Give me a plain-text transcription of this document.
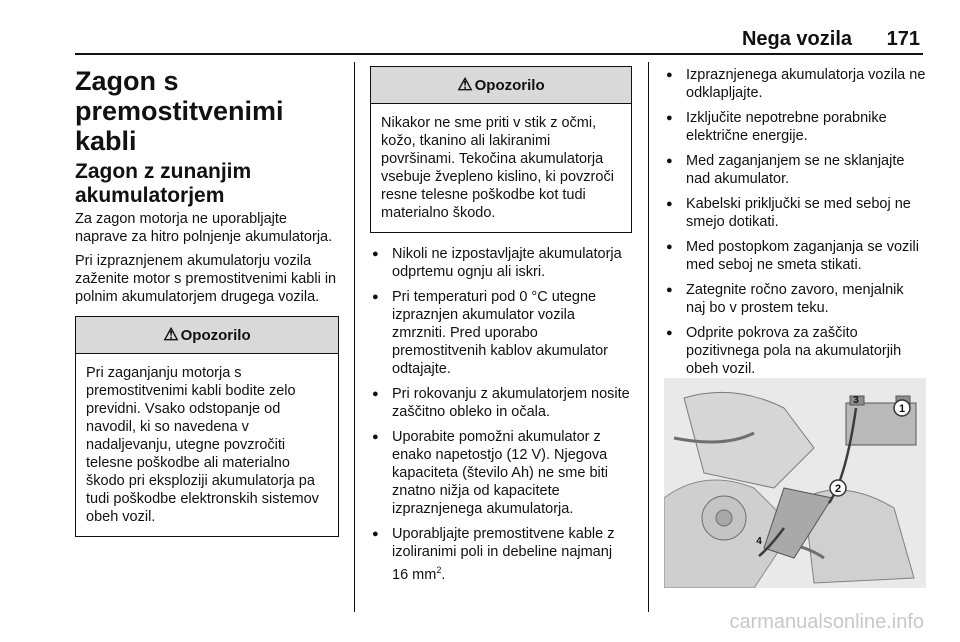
Nega vozila 171
Zagon s premostitvenimi kabli
Zagon z zunanjim akumulatorjem

Za zagon motorja ne uporabljajte naprave za hitro polnjenje akumulatorja.

Pri izpraznjenem akumulatorju vozila zaženite motor s premostitvenimi kabli in polnim akumulatorjem drugega vozila.

⚠ Opozorilo
Pri zaganjanju motorja s premostitvenimi kabli bodite zelo previdni. Vsako odstopanje od navodil, ki so navedena v nadaljevanju, utegne povzročiti telesne poškodbe ali materialno škodo pri eksploziji akumulatorja pa tudi poškodbe elektronskih sistemov obeh vozil.
⚠ Opozorilo
Nikakor ne sme priti v stik z očmi, kožo, tkanino ali lakiranimi površinami. Tekočina akumulatorja vsebuje žvepleno kislino, ki povzroči resne telesne poškodbe kot tudi materialno škodo.
● Nikoli ne izpostavljajte akumulatorja odprtemu ognju ali iskri.
● Pri temperaturi pod 0 °C utegne izpraznjen akumulator vozila zmrzniti. Pred uporabo premostitvenih kablov akumulator odtajajte.
● Pri rokovanju z akumulatorjem nosite zaščitno obleko in očala.
● Uporabite pomožni akumulator z enako napetostjo (12 V). Njegova kapaciteta (število Ah) ne sme biti znatno nižja od kapacitete izpraznjenega akumulatorja.
● Uporabljajte premostitvene kable z izoliranimi poli in debeline najmanj 16 $mm^2$.
● Izpraznjenega akumulatorja vozila ne odklapljajte.
● Izključite nepotrebne porabnike električne energije.
● Med zaganjanjem se ne sklanjajte nad akumulator.
● Kabelski priključki se med seboj ne smejo dotikati.
● Med postopkom zaganjanja se vozili med seboj ne smeta stikati.
● Zategnite ročno zavoro, menjalnik naj bo v prostem teku.
● Odprite pokrova za zaščito pozitivnega pola na akumulatorjih obeh vozil.
1
2
3
4
carmanualsonline.info
